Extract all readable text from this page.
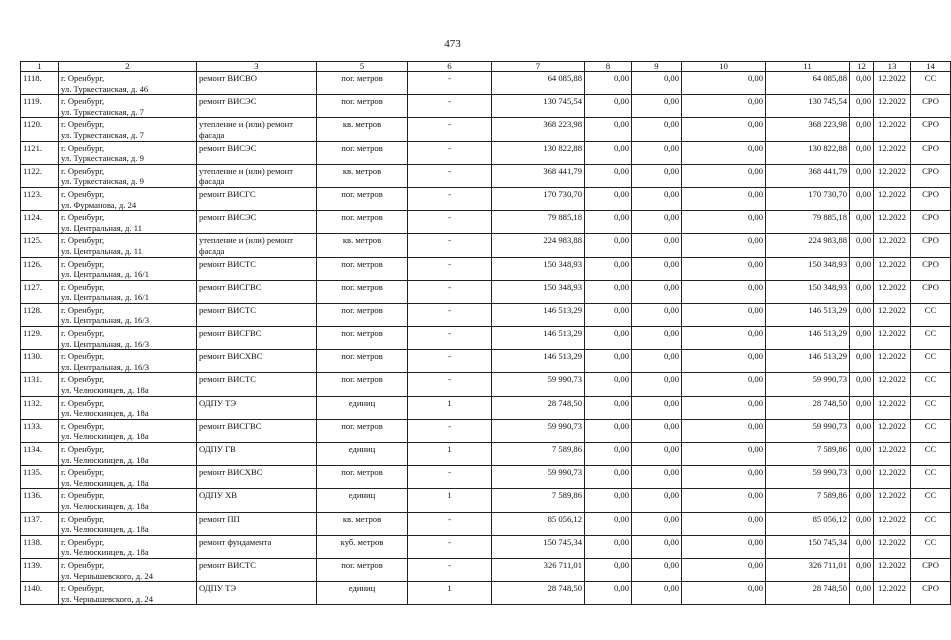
473
1	2	3	5	6	7	8	9	10	11	12	13	14
1118.	г. Оренбург,
ул. Туркестанская, д. 46	ремонт ВИСВО	пог. метров	-	64 085,88	0,00	0,00	0,00	64 085,88	0,00	12.2022	СС
1119.	г. Оренбург,
ул. Туркестанская, д. 7	ремонт ВИСЭС	пог. метров	-	130 745,54	0,00	0,00	0,00	130 745,54	0,00	12.2022	СРО
1120.	г. Оренбург,
ул. Туркестанская, д. 7	утепление и (или) ремонт
фасада	кв. метров	-	368 223,98	0,00	0,00	0,00	368 223,98	0,00	12.2022	СРО
1121.	г. Оренбург,
ул. Туркестанская, д. 9	ремонт ВИСЭС	пог. метров	-	130 822,88	0,00	0,00	0,00	130 822,88	0,00	12.2022	СРО
1122.	г. Оренбург,
ул. Туркестанская, д. 9	утепление и (или) ремонт
фасада	кв. метров	-	368 441,79	0,00	0,00	0,00	368 441,79	0,00	12.2022	СРО
1123.	г. Оренбург,
ул. Фурманова, д. 24	ремонт ВИСГС	пог. метров	-	170 730,70	0,00	0,00	0,00	170 730,70	0,00	12.2022	СРО
1124.	г. Оренбург,
ул. Центральная, д. 11	ремонт ВИСЭС	пог. метров	-	79 885,18	0,00	0,00	0,00	79 885,18	0,00	12.2022	СРО
1125.	г. Оренбург,
ул. Центральная, д. 11	утепление и (или) ремонт
фасада	кв. метров	-	224 983,88	0,00	0,00	0,00	224 983,88	0,00	12.2022	СРО
1126.	г. Оренбург,
ул. Центральная, д. 16/1	ремонт ВИСТС	пог. метров	-	150 348,93	0,00	0,00	0,00	150 348,93	0,00	12.2022	СРО
1127.	г. Оренбург,
ул. Центральная, д. 16/1	ремонт ВИСГВС	пог. метров	-	150 348,93	0,00	0,00	0,00	150 348,93	0,00	12.2022	СРО
1128.	г. Оренбург,
ул. Центральная, д. 16/3	ремонт ВИСТС	пог. метров	-	146 513,29	0,00	0,00	0,00	146 513,29	0,00	12.2022	СС
1129.	г. Оренбург,
ул. Центральная, д. 16/3	ремонт ВИСГВС	пог. метров	-	146 513,29	0,00	0,00	0,00	146 513,29	0,00	12.2022	СС
1130.	г. Оренбург,
ул. Центральная, д. 16/3	ремонт ВИСХВС	пог. метров	-	146 513,29	0,00	0,00	0,00	146 513,29	0,00	12.2022	СС
1131.	г. Оренбург,
ул. Челюскинцев, д. 18а	ремонт ВИСТС	пог. метров	-	59 990,73	0,00	0,00	0,00	59 990,73	0,00	12.2022	СС
1132.	г. Оренбург,
ул. Челюскинцев, д. 18а	ОДПУ ТЭ	единиц	1	28 748,50	0,00	0,00	0,00	28 748,50	0,00	12.2022	СС
1133.	г. Оренбург,
ул. Челюскинцев, д. 18а	ремонт ВИСГВС	пог. метров	-	59 990,73	0,00	0,00	0,00	59 990,73	0,00	12.2022	СС
1134.	г. Оренбург,
ул. Челюскинцев, д. 18а	ОДПУ ГВ	единиц	1	7 589,86	0,00	0,00	0,00	7 589,86	0,00	12.2022	СС
1135.	г. Оренбург,
ул. Челюскинцев, д. 18а	ремонт ВИСХВС	пог. метров	-	59 990,73	0,00	0,00	0,00	59 990,73	0,00	12.2022	СС
1136.	г. Оренбург,
ул. Челюскинцев, д. 18а	ОДПУ ХВ	единиц	1	7 589,86	0,00	0,00	0,00	7 589,86	0,00	12.2022	СС
1137.	г. Оренбург,
ул. Челюскинцев, д. 18а	ремонт ПП	кв. метров	-	85 056,12	0,00	0,00	0,00	85 056,12	0,00	12.2022	СС
1138.	г. Оренбург,
ул. Челюскинцев, д. 18а	ремонт фундамента	куб. метров	-	150 745,34	0,00	0,00	0,00	150 745,34	0,00	12.2022	СС
1139.	г. Оренбург,
ул. Чернышевского, д. 24	ремонт ВИСТС	пог. метров	-	326 711,01	0,00	0,00	0,00	326 711,01	0,00	12.2022	СРО
1140.	г. Оренбург,
ул. Чернышевского, д. 24	ОДПУ ТЭ	единиц	1	28 748,50	0,00	0,00	0,00	28 748,50	0,00	12.2022	СРО
